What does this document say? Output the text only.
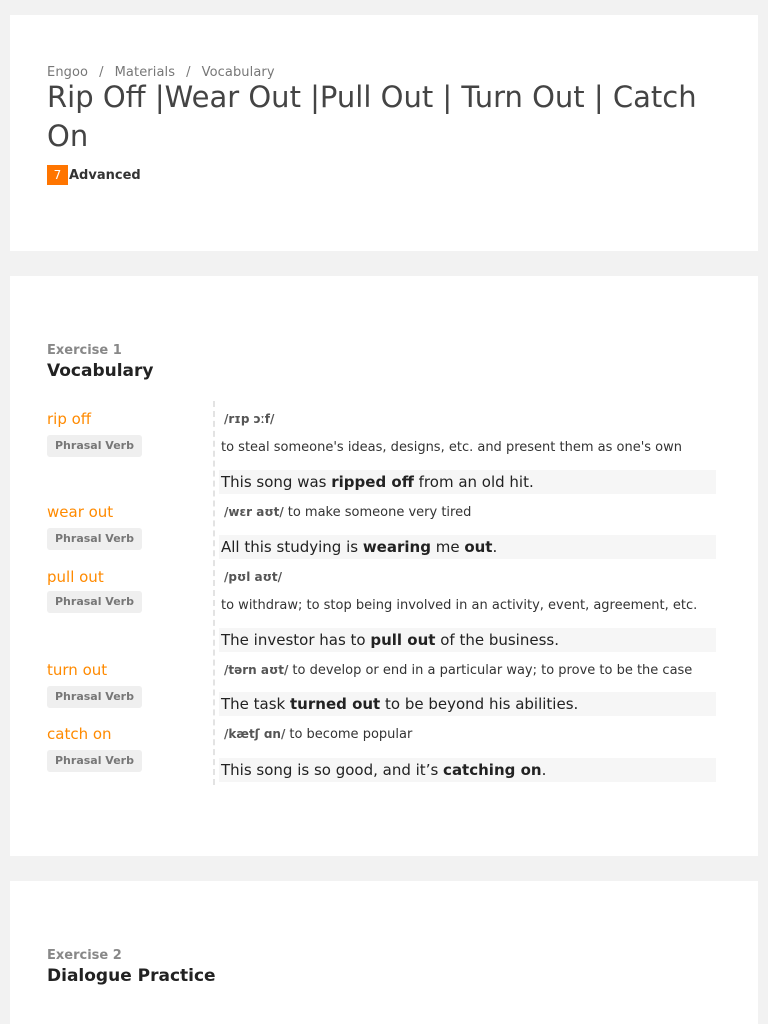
Engoo / Materials / Vocabulary
Rip Off |Wear Out |Pull Out | Turn Out | Catch On
7 Advanced
Exercise 1
Vocabulary
rip off
Phrasal Verb
/rɪp ɔːf/
to steal someone's ideas, designs, etc. and present them as one's own
This song was ripped off from an old hit.
wear out
Phrasal Verb
/wɛr aʊt/ to make someone very tired
All this studying is wearing me out.
pull out
Phrasal Verb
/pʊl aʊt/
to withdraw; to stop being involved in an activity, event, agreement, etc.
The investor has to pull out of the business.
turn out
Phrasal Verb
/tərn aʊt/ to develop or end in a particular way; to prove to be the case
The task turned out to be beyond his abilities.
catch on
Phrasal Verb
/kætʃ ɑn/ to become popular
This song is so good, and it’s catching on.
Exercise 2
Dialogue Practice
